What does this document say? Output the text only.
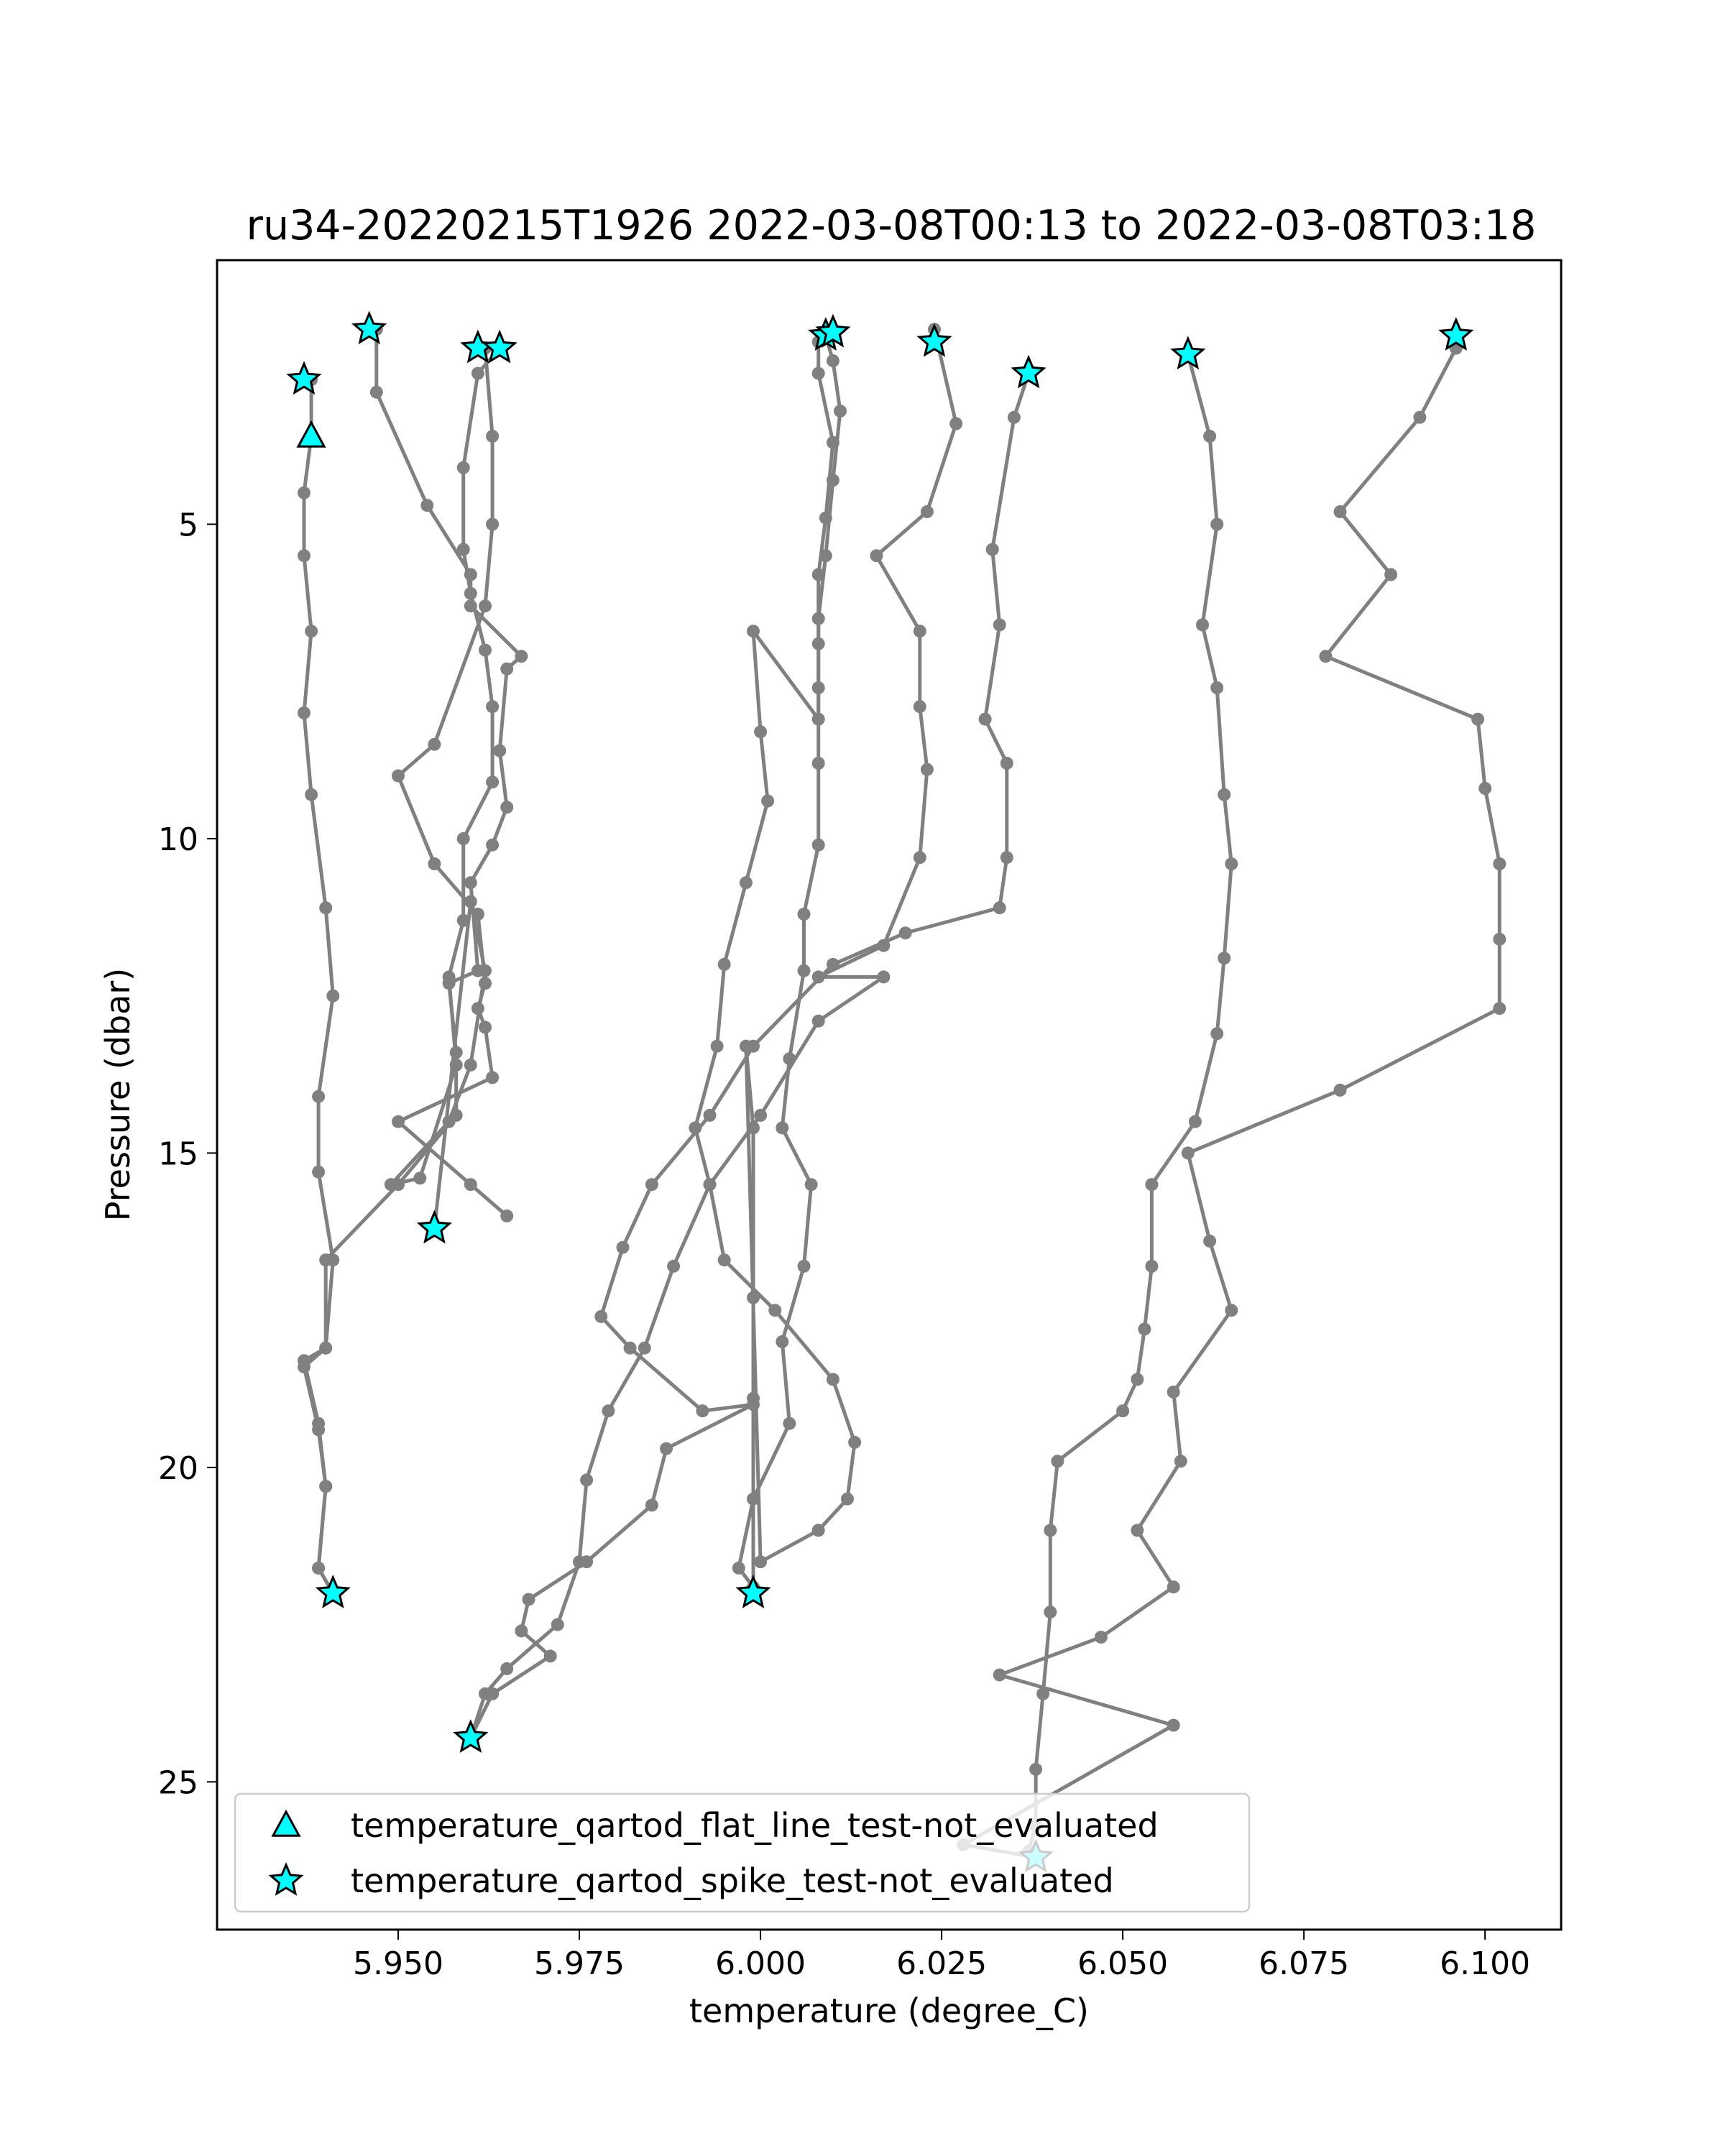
ru34-20220215T1926 2022-03-08T00:13 to 2022-03-08T03:18
5.950	5.975	6.000	6.025	6.050	6.075	6.100
5
10
15
20
25
temperature (degree_C)
Pressure (dbar)
temperature_qartod_flat_line_test-not_evaluated
temperature_qartod_spike_test-not_evaluated
